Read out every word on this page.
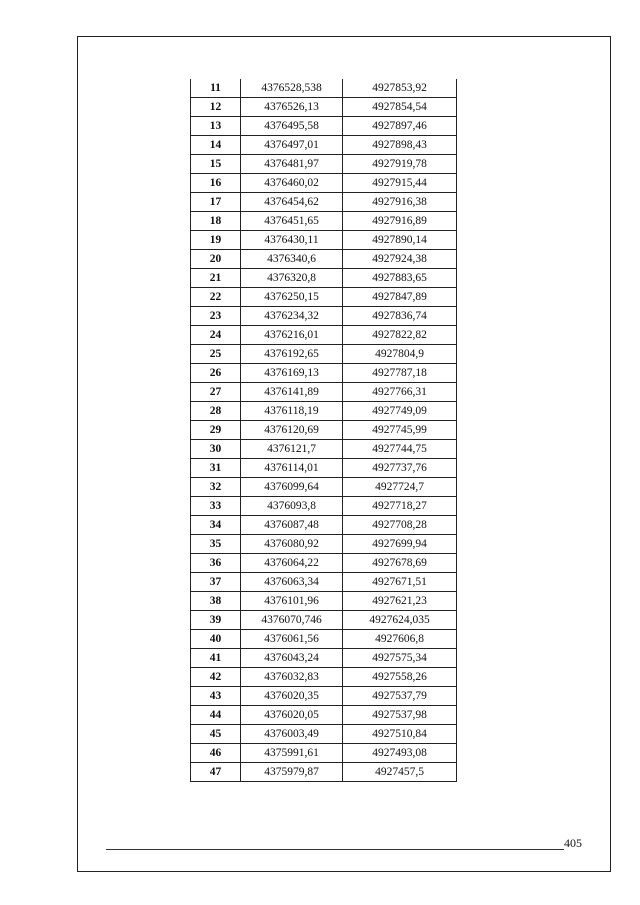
11	4376528,538	4927853,92
12	4376526,13	4927854,54
13	4376495,58	4927897,46
14	4376497,01	4927898,43
15	4376481,97	4927919,78
16	4376460,02	4927915,44
17	4376454,62	4927916,38
18	4376451,65	4927916,89
19	4376430,11	4927890,14
20	4376340,6	4927924,38
21	4376320,8	4927883,65
22	4376250,15	4927847,89
23	4376234,32	4927836,74
24	4376216,01	4927822,82
25	4376192,65	4927804,9
26	4376169,13	4927787,18
27	4376141,89	4927766,31
28	4376118,19	4927749,09
29	4376120,69	4927745,99
30	4376121,7	4927744,75
31	4376114,01	4927737,76
32	4376099,64	4927724,7
33	4376093,8	4927718,27
34	4376087,48	4927708,28
35	4376080,92	4927699,94
36	4376064,22	4927678,69
37	4376063,34	4927671,51
38	4376101,96	4927621,23
39	4376070,746	4927624,035
40	4376061,56	4927606,8
41	4376043,24	4927575,34
42	4376032,83	4927558,26
43	4376020,35	4927537,79
44	4376020,05	4927537,98
45	4376003,49	4927510,84
46	4375991,61	4927493,08
47	4375979,87	4927457,5
405
